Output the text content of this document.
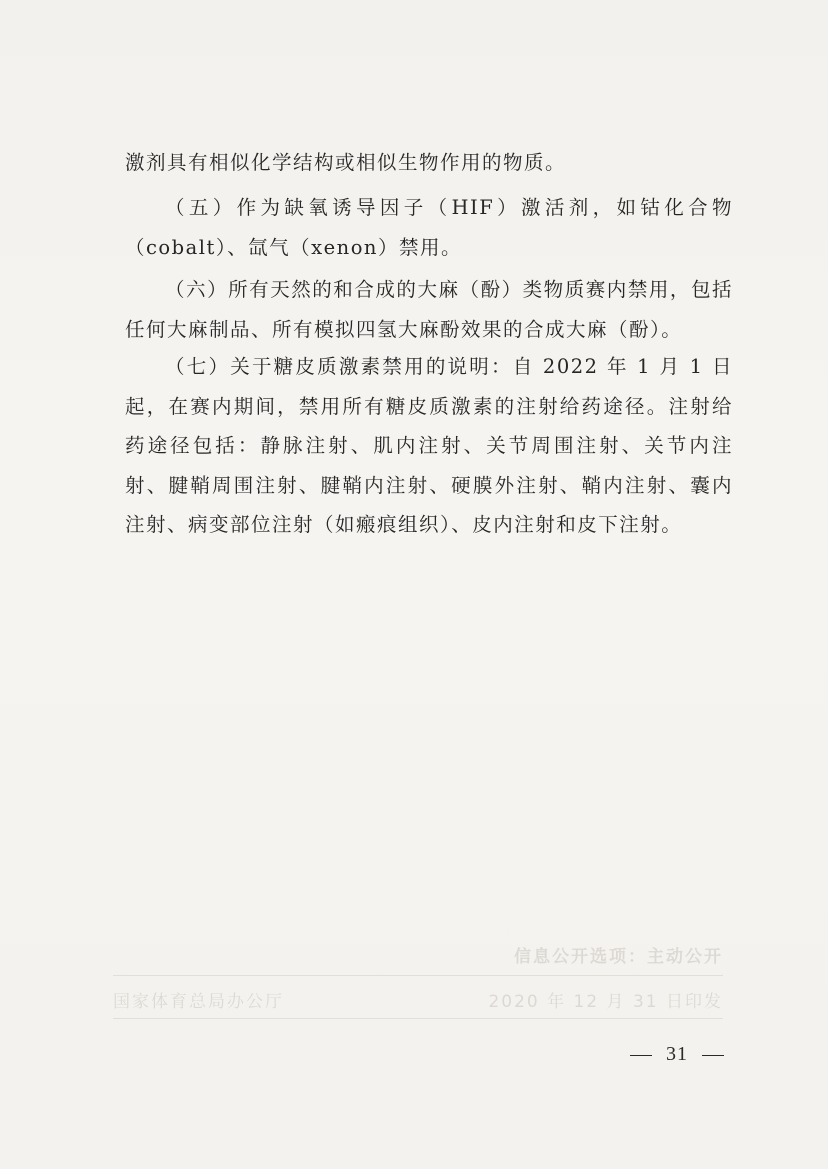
激剂具有相似化学结构或相似生物作用的物质。

（五）作为缺氧诱导因子（HIF）激活剂，如钴化合物（cobalt）、氙气（xenon）禁用。

（六）所有天然的和合成的大麻（酚）类物质赛内禁用，包括任何大麻制品、所有模拟四氢大麻酚效果的合成大麻（酚）。

（七）关于糖皮质激素禁用的说明：自 2022 年 1 月 1 日起，在赛内期间，禁用所有糖皮质激素的注射给药途径。注射给药途径包括：静脉注射、肌内注射、关节周围注射、关节内注射、腱鞘周围注射、腱鞘内注射、硬膜外注射、鞘内注射、囊内注射、病变部位注射（如瘢痕组织）、皮内注射和皮下注射。

信息公开选项：主动公开
国家体育总局办公厅	2020 年 12 月 31 日印发
31
